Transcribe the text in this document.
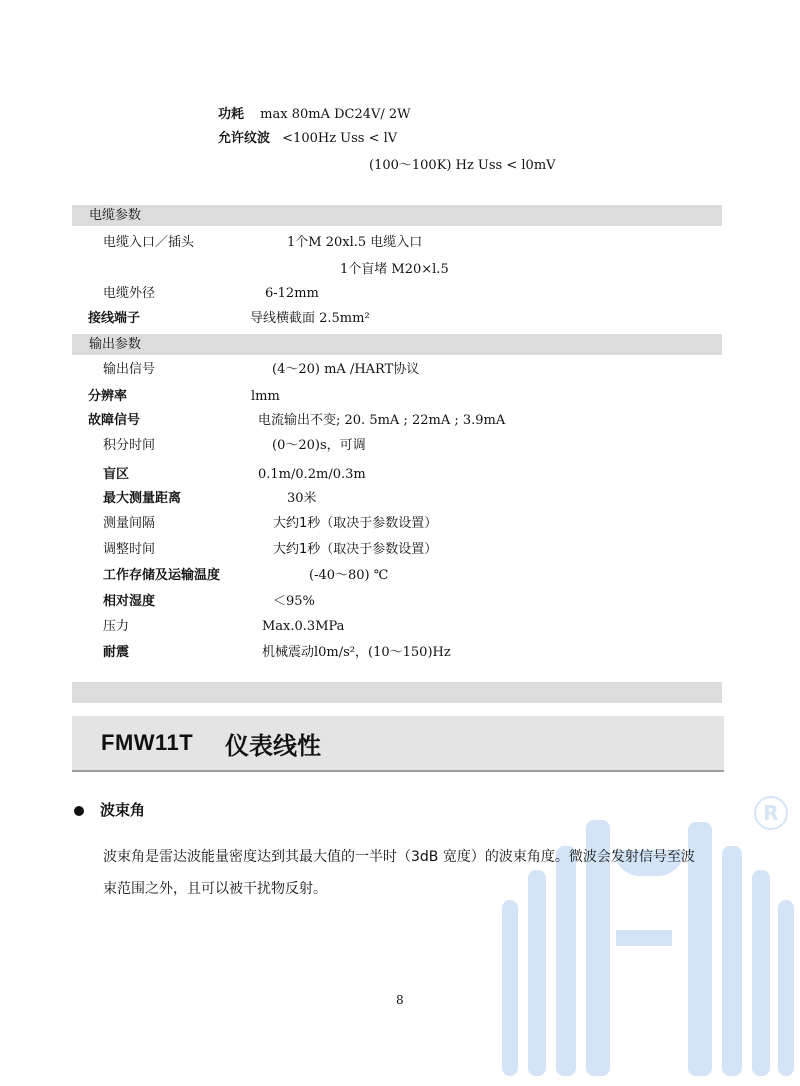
R
功耗 max 80mA DC24V/ 2W
允许纹波 <100Hz Uss < lV
(100～100K) Hz Uss < l0mV
电缆参数
电缆入口／插头	1个M 20xl.5 电缆入口
1个盲堵 M20×l.5
电缆外径	6-12mm
接线端子	导线横截面 2.5mm²
输出参数
输出信号	(4～20) mA /HART协议
分辨率	lmm
故障信号	电流输出不变; 20. 5mA ; 22mA ; 3.9mA
积分时间	(0～20)s，可调
盲区	0.1m/0.2m/0.3m
最大测量距离	30米
测量间隔	大约1秒（取决于参数设置）
调整时间	大约1秒（取决于参数设置）
工作存储及运输温度	(-40～80) ℃
相对湿度	＜95%
压力	Max.0.3MPa
耐震	机械震动l0m/s²，(10～150)Hz
FMW11T 仪表线性
波束角
波束角是雷达波能量密度达到其最大值的一半时（3dB 宽度）的波束角度。微波会发射信号至波
束范围之外，且可以被干扰物反射。
8
